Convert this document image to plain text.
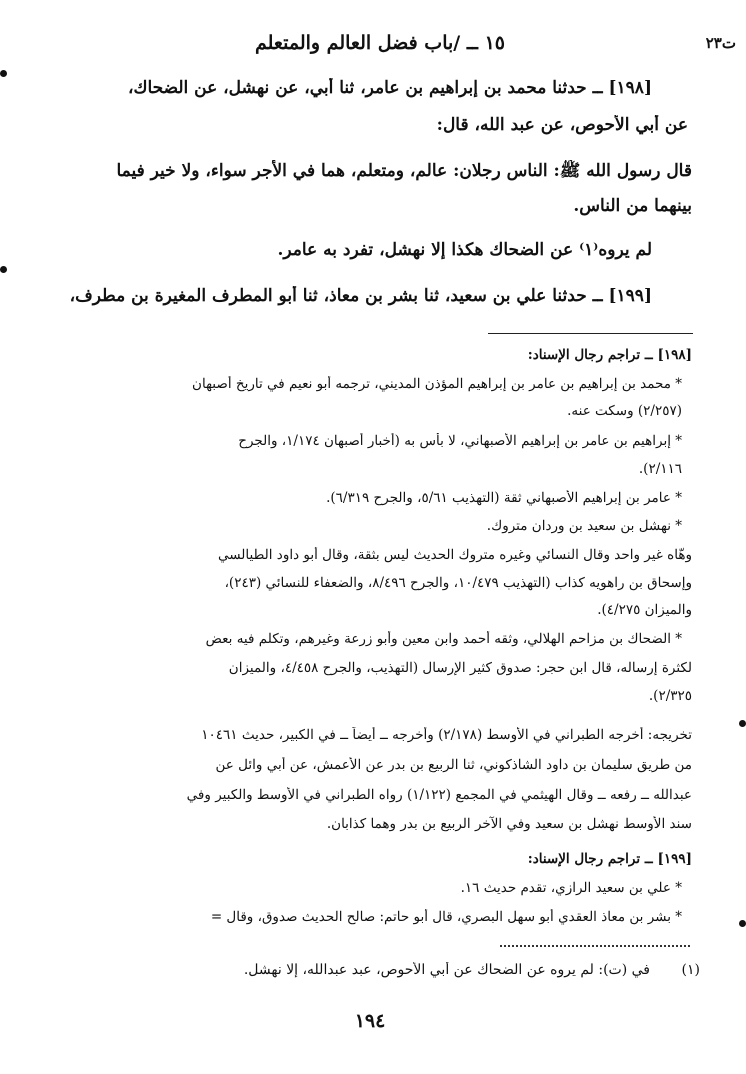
ت٢٣
١٥ ــ /باب فضل العالم والمتعلم
[١٩٨] ــ حدثنا محمد بن إبراهيم بن عامر، ثنا أبي، عن نهشل، عن الضحاك،
عن أبي الأحوص، عن عبد الله، قال:
قال رسول الله ﷺ: الناس رجلان: عالم، ومتعلم، هما في الأجر سواء، ولا خير فيما
بينهما من الناس.
لم يروه⁽١⁾ عن الضحاك هكذا إلا نهشل، تفرد به عامر.
[١٩٩] ــ حدثنا علي بن سعيد، ثنا بشر بن معاذ، ثنا أبو المطرف المغيرة بن مطرف،
[١٩٨] ــ تراجم رجال الإسناد:
* محمد بن إبراهيم بن عامر بن إبراهيم المؤذن المديني، ترجمه أبو نعيم في تاريخ أصبهان
(٢/٢٥٧) وسكت عنه.
* إبراهيم بن عامر بن إبراهيم الأصبهاني، لا بأس به (أخبار أصبهان ١/١٧٤، والجرح
٢/١١٦).
* عامر بن إبراهيم الأصبهاني ثقة (التهذيب ٥/٦١، والجرح ٦/٣١٩).
* نهشل بن سعيد بن وردان متروك.
وهّاه غير واحد وقال النسائي وغيره متروك الحديث ليس بثقة، وقال أبو داود الطيالسي
وإسحاق بن راهويه كذاب (التهذيب ١٠/٤٧٩، والجرح ٨/٤٩٦، والضعفاء للنسائي (٢٤٣)،
والميزان ٤/٢٧٥).
* الضحاك بن مزاحم الهلالي، وثقه أحمد وابن معين وأبو زرعة وغيرهم، وتكلم فيه بعض
لكثرة إرساله، قال ابن حجر: صدوق كثير الإرسال (التهذيب، والجرح ٤/٤٥٨، والميزان
٢/٣٢٥).
تخريجه: أخرجه الطبراني في الأوسط (٢/١٧٨) وأخرجه ــ أيضاً ــ في الكبير، حديث ١٠٤٦١
من طريق سليمان بن داود الشاذكوني، ثنا الربيع بن بدر عن الأعمش، عن أبي وائل عن
عبدالله ــ رفعه ــ وقال الهيثمي في المجمع (١/١٢٢) رواه الطبراني في الأوسط والكبير وفي
سند الأوسط نهشل بن سعيد وفي الآخر الربيع بن بدر وهما كذابان.
[١٩٩] ــ تراجم رجال الإسناد:
* علي بن سعيد الرازي، تقدم حديث ١٦.
* بشر بن معاذ العقدي أبو سهل البصري، قال أبو حاتم: صالح الحديث صدوق، وقال =
في (ت): لم يروه عن الضحاك عن أبي الأحوص، عبد عبدالله، إلا نهشل.	(١)
١٩٤
